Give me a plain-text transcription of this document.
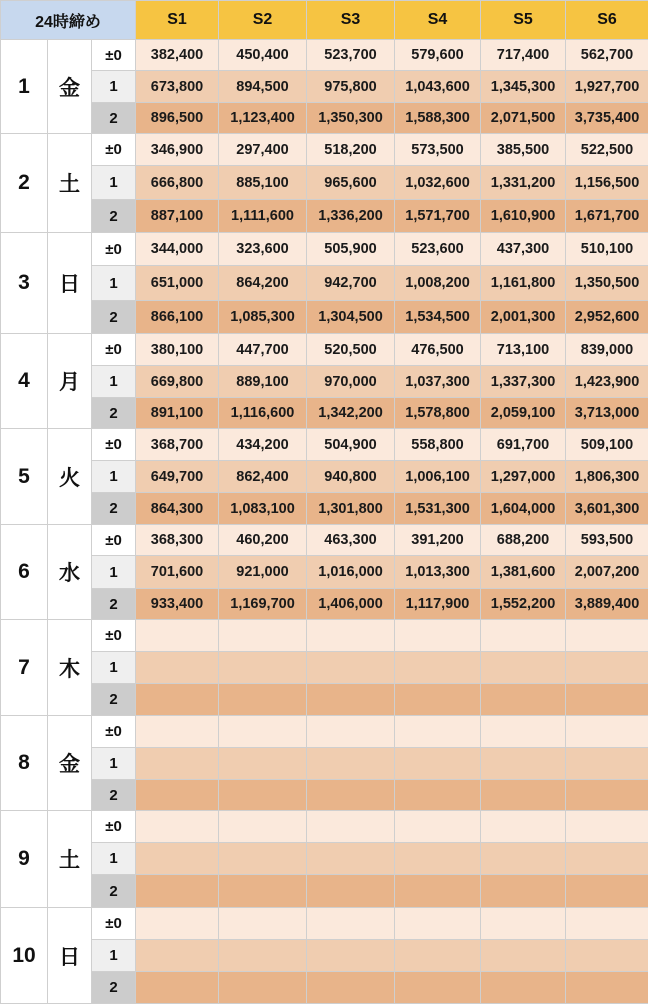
24時締め			S1	S2	S3	S4	S5	S6
1	金	±0	382,400	450,400	523,700	579,600	717,400	562,700
		1	673,800	894,500	975,800	1,043,600	1,345,300	1,927,700
		2	896,500	1,123,400	1,350,300	1,588,300	2,071,500	3,735,400
2	土	±0	346,900	297,400	518,200	573,500	385,500	522,500
		1	666,800	885,100	965,600	1,032,600	1,331,200	1,156,500
		2	887,100	1,111,600	1,336,200	1,571,700	1,610,900	1,671,700
3	日	±0	344,000	323,600	505,900	523,600	437,300	510,100
		1	651,000	864,200	942,700	1,008,200	1,161,800	1,350,500
		2	866,100	1,085,300	1,304,500	1,534,500	2,001,300	2,952,600
4	月	±0	380,100	447,700	520,500	476,500	713,100	839,000
		1	669,800	889,100	970,000	1,037,300	1,337,300	1,423,900
		2	891,100	1,116,600	1,342,200	1,578,800	2,059,100	3,713,000
5	火	±0	368,700	434,200	504,900	558,800	691,700	509,100
		1	649,700	862,400	940,800	1,006,100	1,297,000	1,806,300
		2	864,300	1,083,100	1,301,800	1,531,300	1,604,000	3,601,300
6	水	±0	368,300	460,200	463,300	391,200	688,200	593,500
		1	701,600	921,000	1,016,000	1,013,300	1,381,600	2,007,200
		2	933,400	1,169,700	1,406,000	1,117,900	1,552,200	3,889,400
7	木	±0						
		1						
		2						
8	金	±0						
		1						
		2						
9	土	±0						
		1						
		2						
10	日	±0						
		1						
		2						
